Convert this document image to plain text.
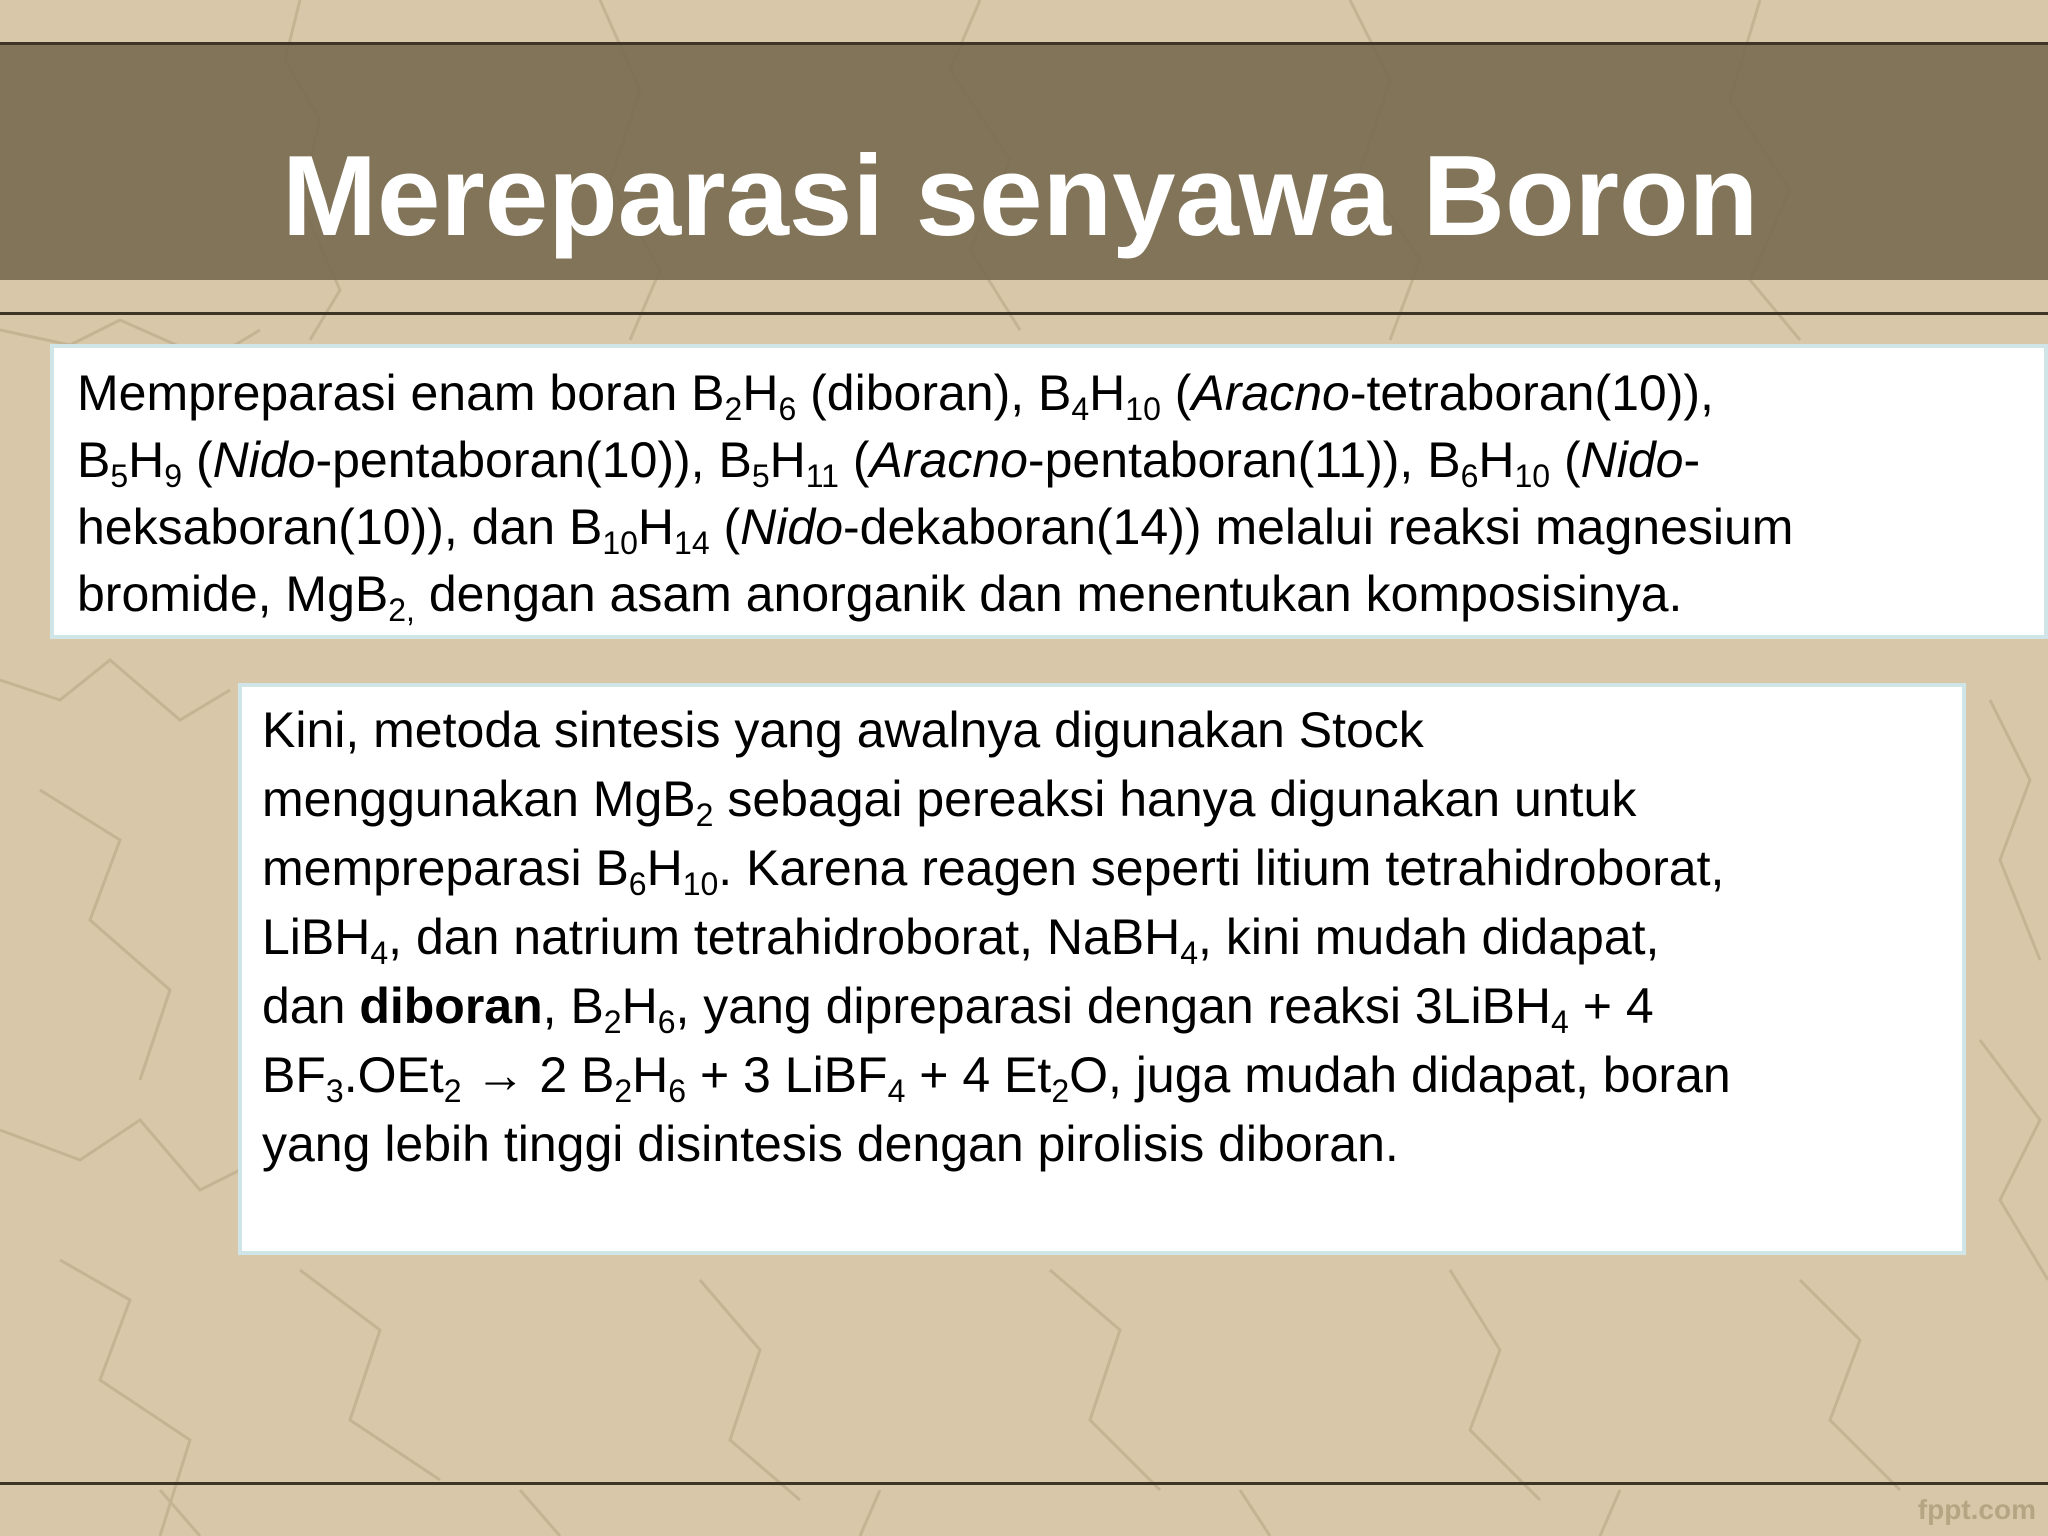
Mereparasi senyawa Boron

Mempreparasi enam boran $B_2H_6$ (diboran), $B_4H_{10}$ (Aracno-tetraboran(10)),
$B_5H_9$ (Nido-pentaboran(10)), $B_5H_{11}$ (Aracno-pentaboran(11)), $B_6H_{10}$ (Nido-
heksaboran(10)), dan $B_{10}H_{14}$ (Nido-dekaboran(14)) melalui reaksi magnesium
bromide, MgB$_{2,}$ dengan asam anorganik dan menentukan komposisinya.

Kini, metoda sintesis yang awalnya digunakan Stock
menggunakan MgB$_2$ sebagai pereaksi hanya digunakan untuk
mempreparasi $B_6H_{10}$. Karena reagen seperti litium tetrahidroborat,
LiBH$_4$, dan natrium tetrahidroborat, NaBH$_4$, kini mudah didapat,
dan diboran, $B_2H_6$, yang dipreparasi dengan reaksi 3LiBH$_4$ + 4
$BF_3.OEt_2 \to 2$ $B_2H_6 + 3$ LiBF$_4$ + 4 $Et_2O$, juga mudah didapat, boran
yang lebih tinggi disintesis dengan pirolisis diboran.

fppt.com
